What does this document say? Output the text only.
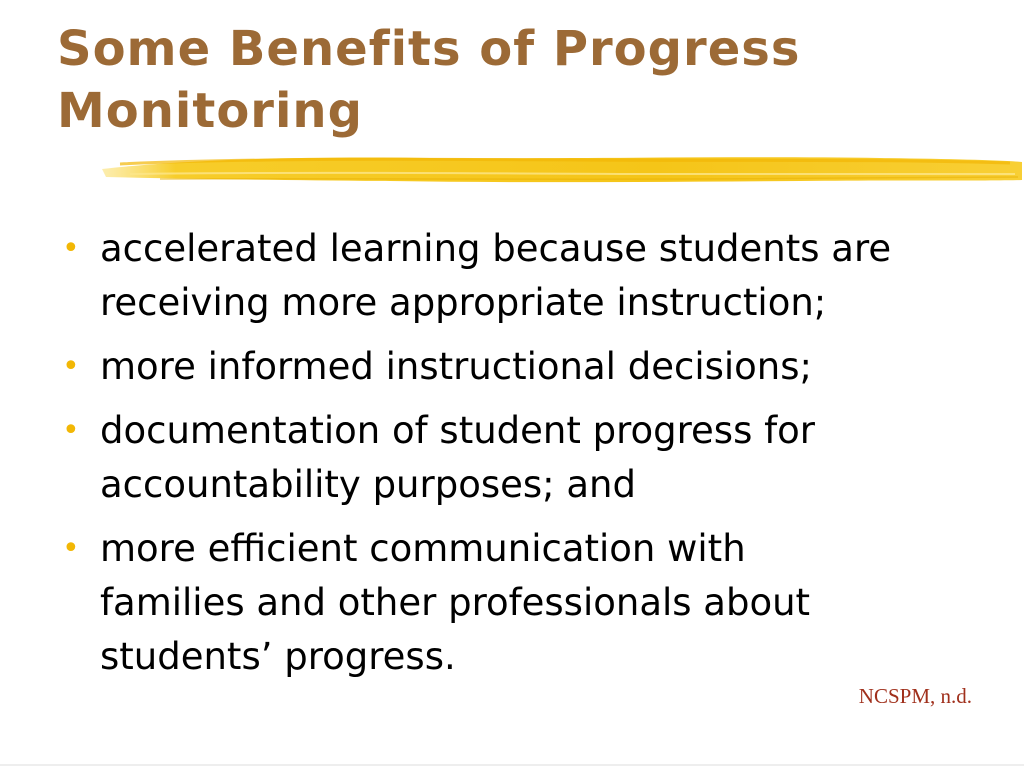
Some Benefits of Progress
Monitoring
• accelerated learning because students are
receiving more appropriate instruction;
• more informed instructional decisions;
• documentation of student progress for
accountability purposes; and
• more efficient communication with
families and other professionals about
students’ progress.
NCSPM, n.d.
